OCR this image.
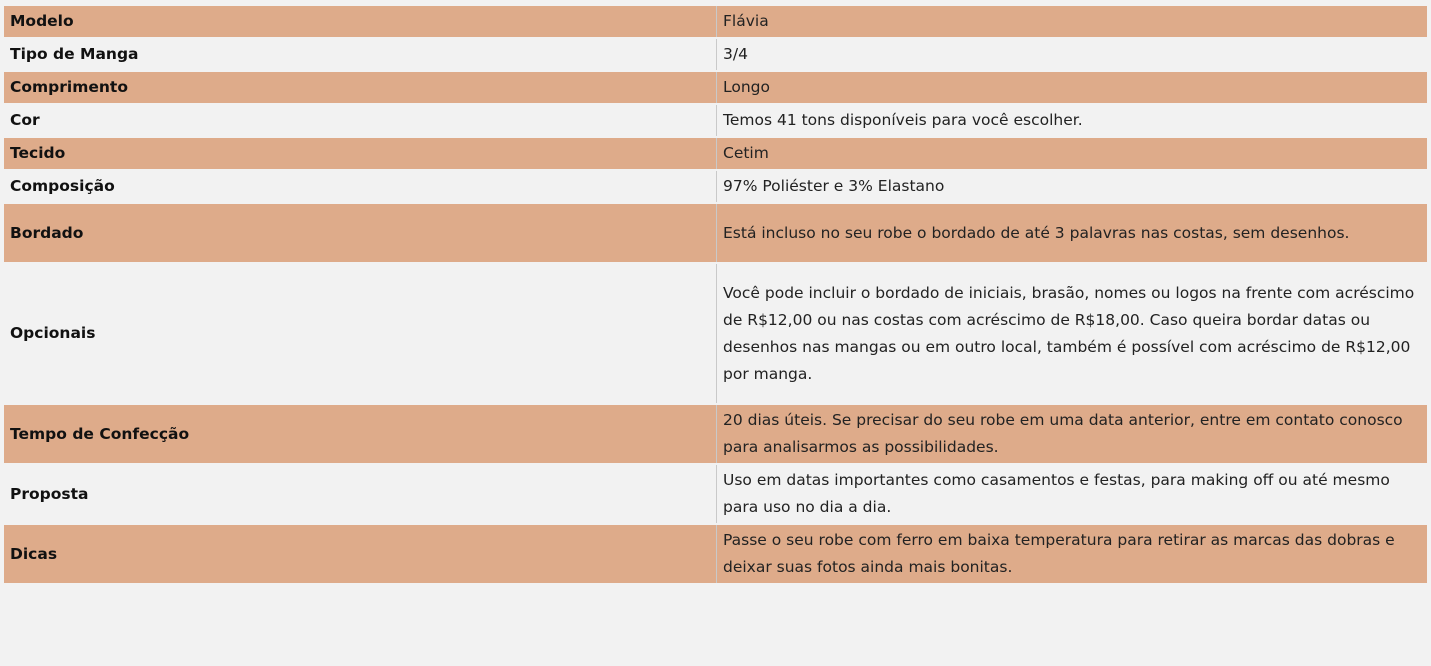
Modelo	Flávia
Tipo de Manga	3/4
Comprimento	Longo
Cor	Temos 41 tons disponíveis para você escolher.
Tecido	Cetim
Composição	97% Poliéster e 3% Elastano
Bordado	Está incluso no seu robe o bordado de até 3 palavras nas costas, sem desenhos.
Opcionais	Você pode incluir o bordado de iniciais, brasão, nomes ou logos na frente com acréscimo de R$12,00 ou nas costas com acréscimo de R$18,00. Caso queira bordar datas ou desenhos nas mangas ou em outro local, também é possível com acréscimo de R$12,00 por manga.
Tempo de Confecção	20 dias úteis. Se precisar do seu robe em uma data anterior, entre em contato conosco para analisarmos as possibilidades.
Proposta	Uso em datas importantes como casamentos e festas, para making off ou até mesmo para uso no dia a dia.
Dicas	Passe o seu robe com ferro em baixa temperatura para retirar as marcas das dobras e deixar suas fotos ainda mais bonitas.
